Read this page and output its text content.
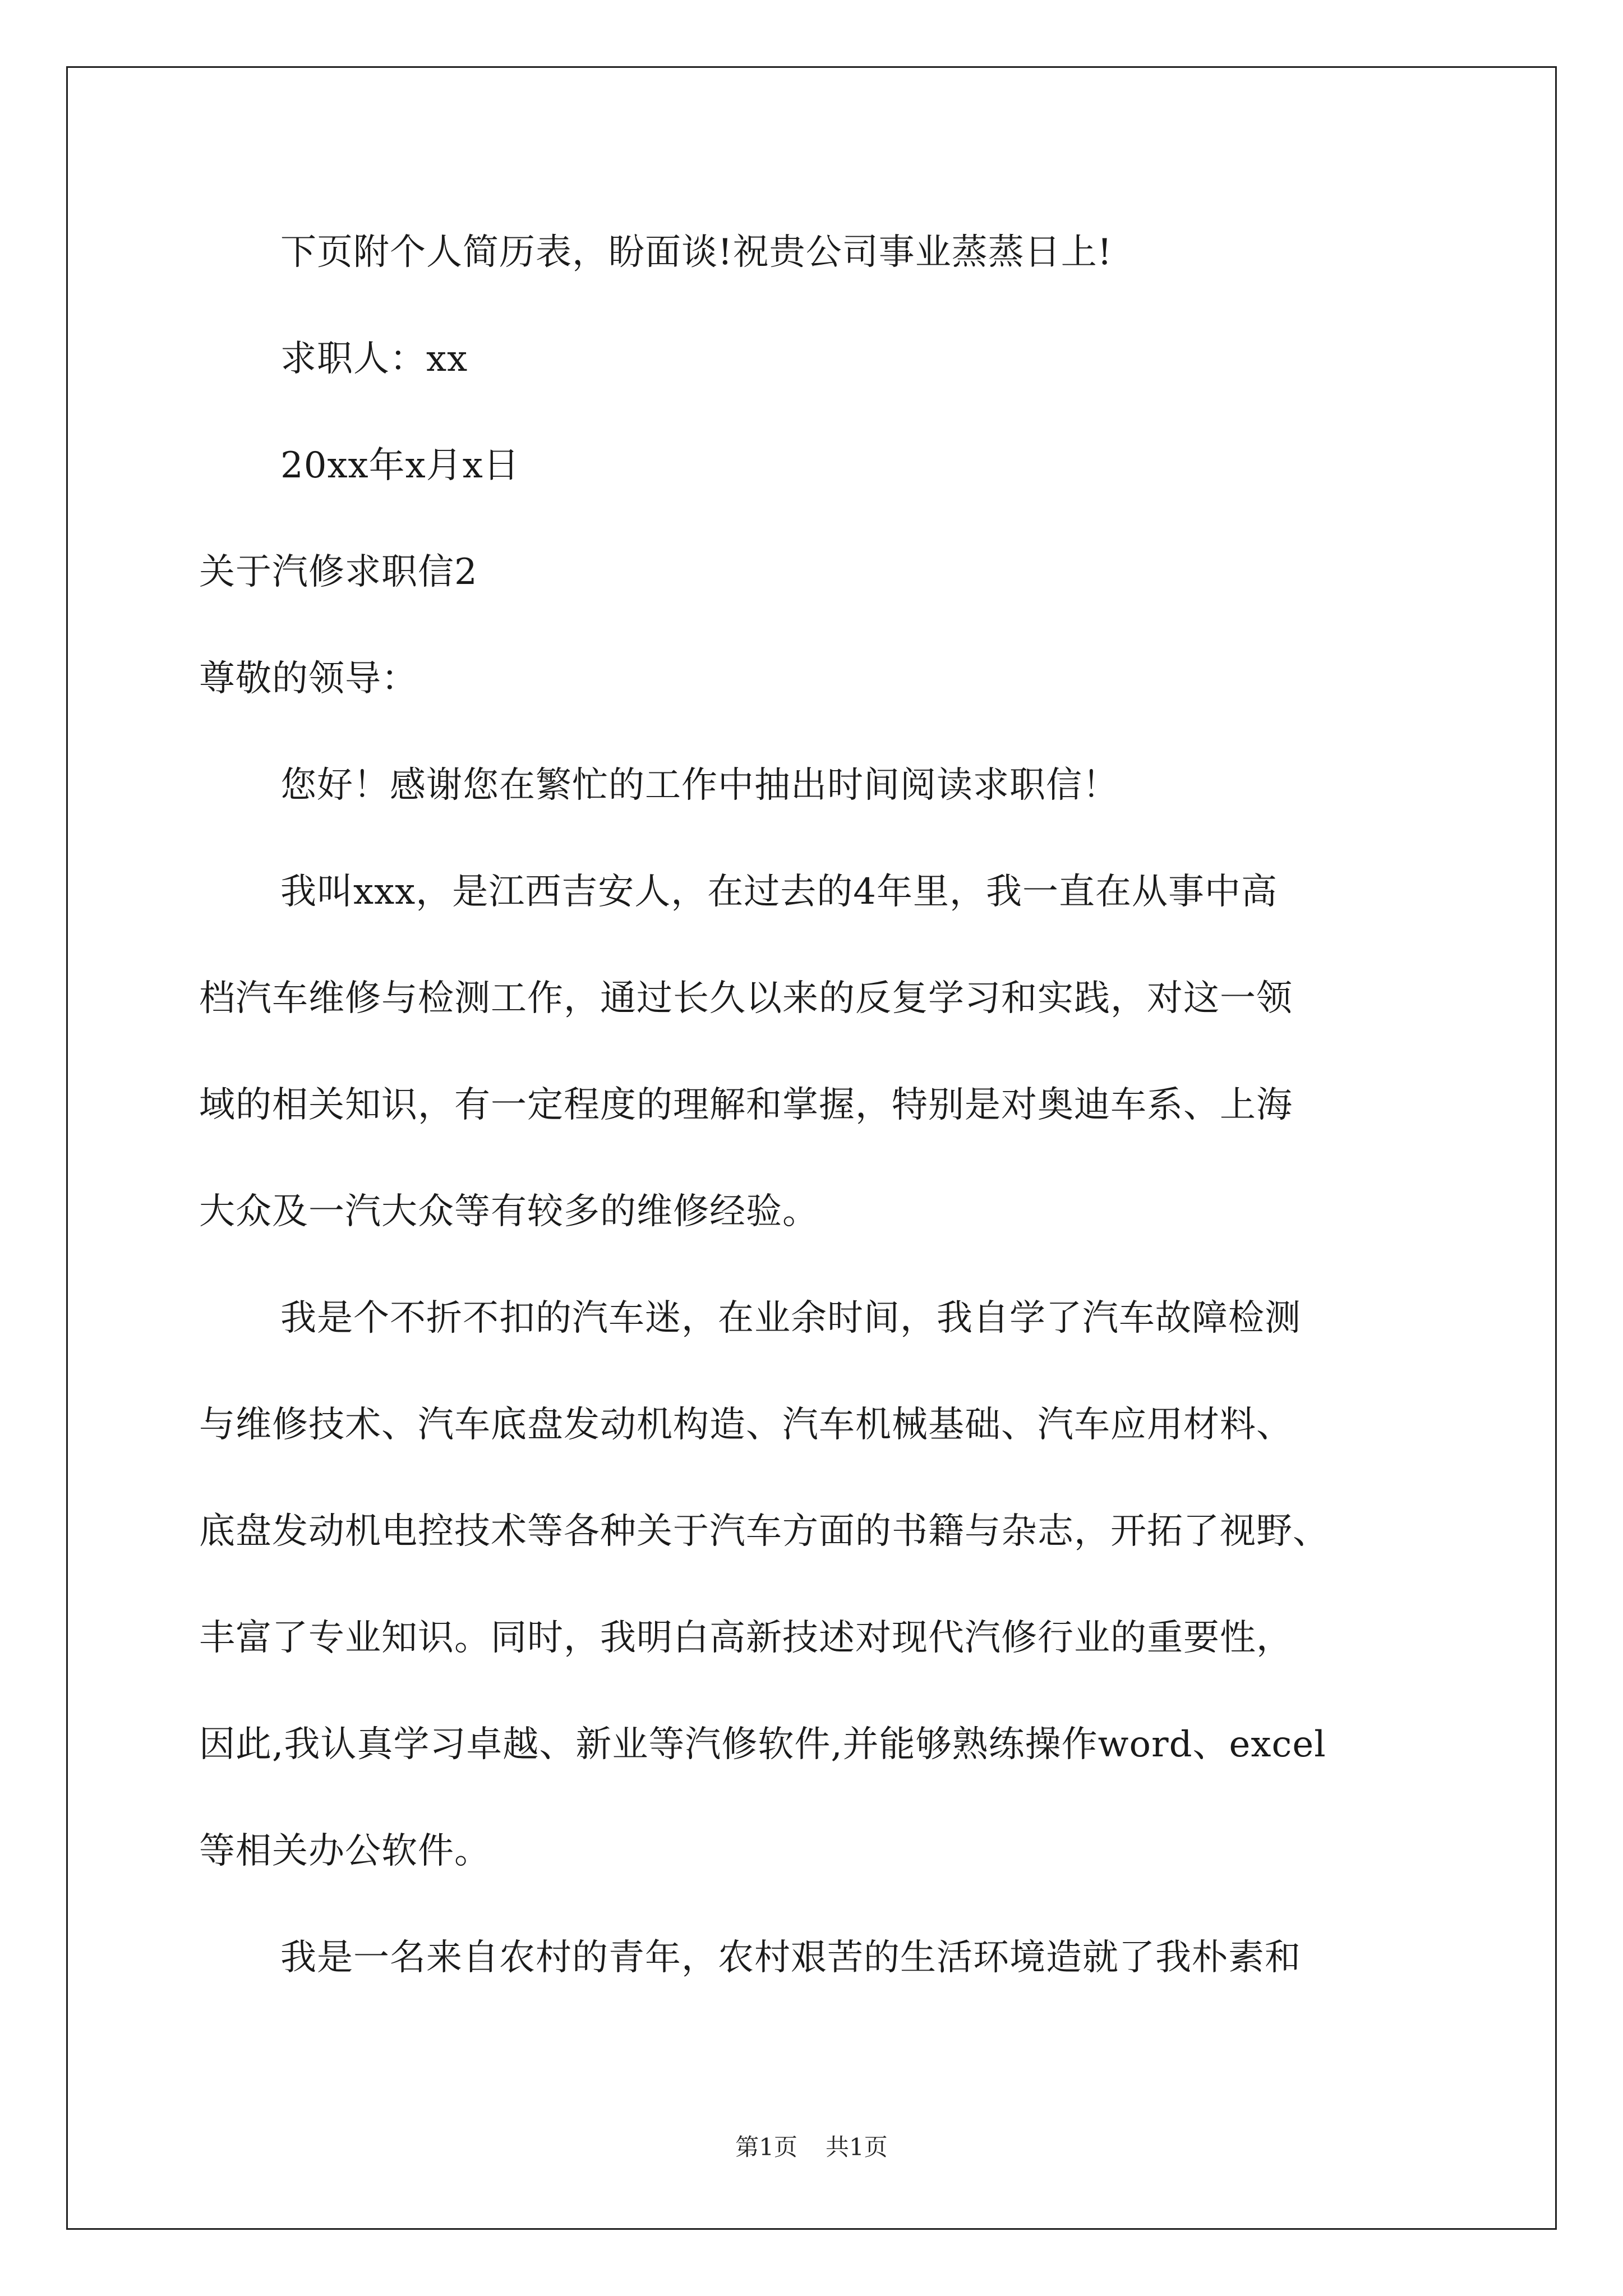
下页附个人简历表，盼面谈!祝贵公司事业蒸蒸日上!
求职人：xx
20xx年x月x日
关于汽修求职信2
尊敬的领导：
您好！感谢您在繁忙的工作中抽出时间阅读求职信！
我叫xxx，是江西吉安人，在过去的4年里，我一直在从事中高
档汽车维修与检测工作，通过长久以来的反复学习和实践，对这一领
域的相关知识，有一定程度的理解和掌握，特别是对奥迪车系、上海
大众及一汽大众等有较多的维修经验。
我是个不折不扣的汽车迷，在业余时间，我自学了汽车故障检测
与维修技术、汽车底盘发动机构造、汽车机械基础、汽车应用材料、
底盘发动机电控技术等各种关于汽车方面的书籍与杂志，开拓了视野、
丰富了专业知识。同时，我明白高新技述对现代汽修行业的重要性，
因此,我认真学习卓越、新业等汽修软件,并能够熟练操作word、excel
等相关办公软件。
我是一名来自农村的青年，农村艰苦的生活环境造就了我朴素和
第1页 共1页
